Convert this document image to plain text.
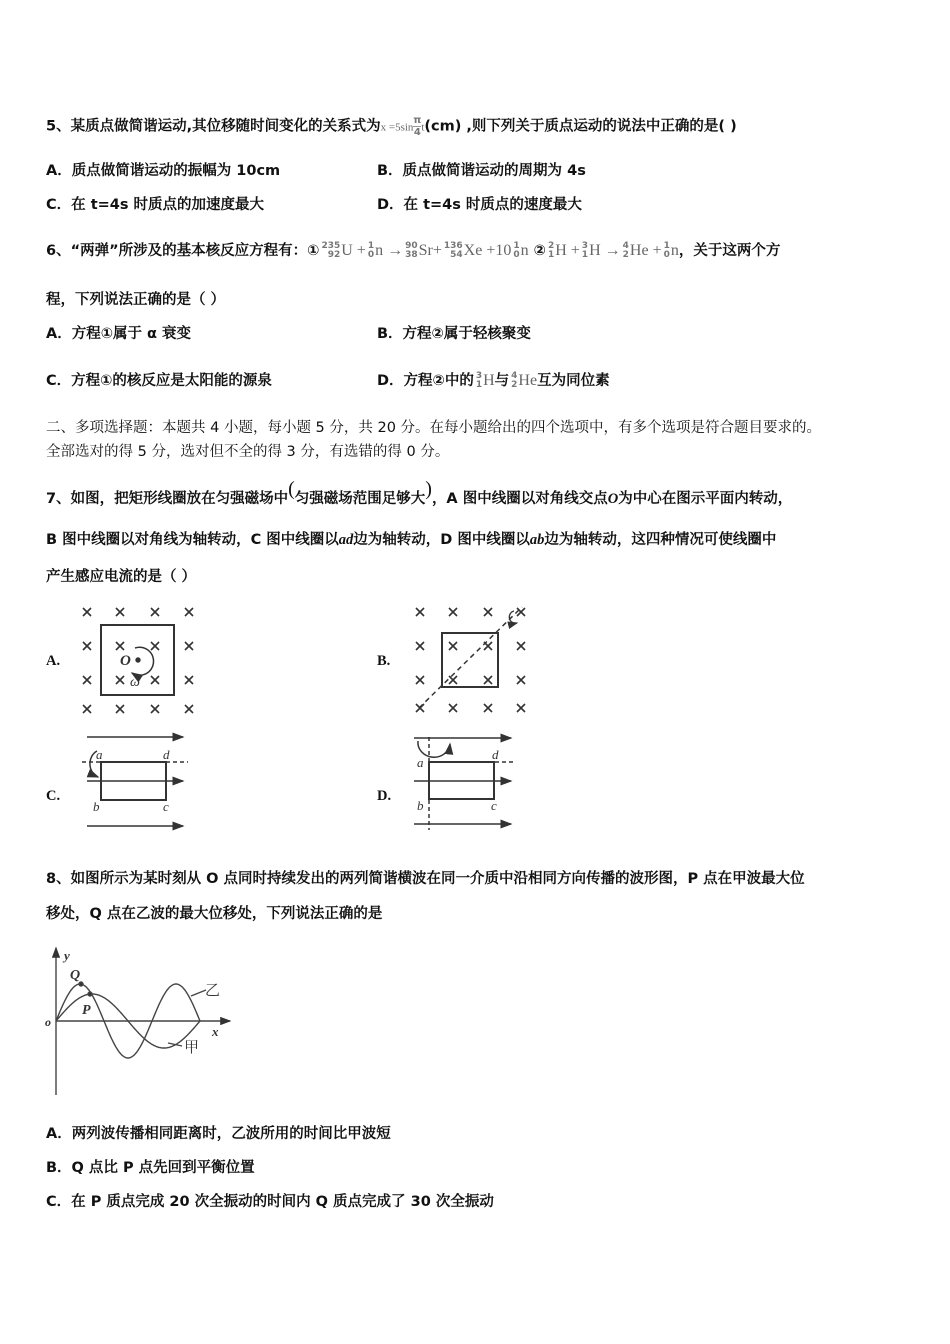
5、某质点做简谐运动,其位移随时间变化的关系式为$x =5\sin \frac{\pi}{4} t(cm)$ ,则下列关于质点运动的说法中正确的是( )
A．质点做简谐运动的振幅为 10cm	B．质点做简谐运动的周期为 4s
C．在 t=4s 时质点的加速度最大	D．在 t=4s 时质点的速度最大
6、“两弹”所涉及的基本核反应方程有：① 235
92 U + 1
0 n → 90
38 Sr+ 136
54 Xe +10 1
0 n ② 2
1 H + 3
1 H → 4
2 He + 1
0 n，关于这两个方
程，下列说法正确的是（ ）
A．方程①属于 α 衰变	B．方程②属于轻核聚变
C．方程①的核反应是太阳能的源泉	D．方程②中的 3
1 H与 4
2 He互为同位素
二、多项选择题：本题共 4 小题，每小题 5 分，共 20 分。在每小题给出的四个选项中，有多个选项是符合题目要求的。
全部选对的得 5 分，选对但不全的得 3 分，有选错的得 0 分。
7、如图，把矩形线圈放在匀强磁场中(匀强磁场范围足够大)，A 图中线圈以对角线交点O为中心在图示平面内转动，
B 图中线圈以对角线为轴转动，C 图中线圈以ad边为轴转动，D 图中线圈以ab边为轴转动，这四种情况可使线圈中
产生感应电流的是（ ）
A.	B.
C.	D.
O
ω
a	d
b	c
a
d
b	c
y
x
o
Q
P
乙
甲
8、如图所示为某时刻从 O 点同时持续发出的两列简谐横波在同一介质中沿相同方向传播的波形图，P 点在甲波最大位
移处，Q 点在乙波的最大位移处，下列说法正确的是
A．两列波传播相同距离时，乙波所用的时间比甲波短
B．Q 点比 P 点先回到平衡位置
C．在 P 质点完成 20 次全振动的时间内 Q 质点完成了 30 次全振动
